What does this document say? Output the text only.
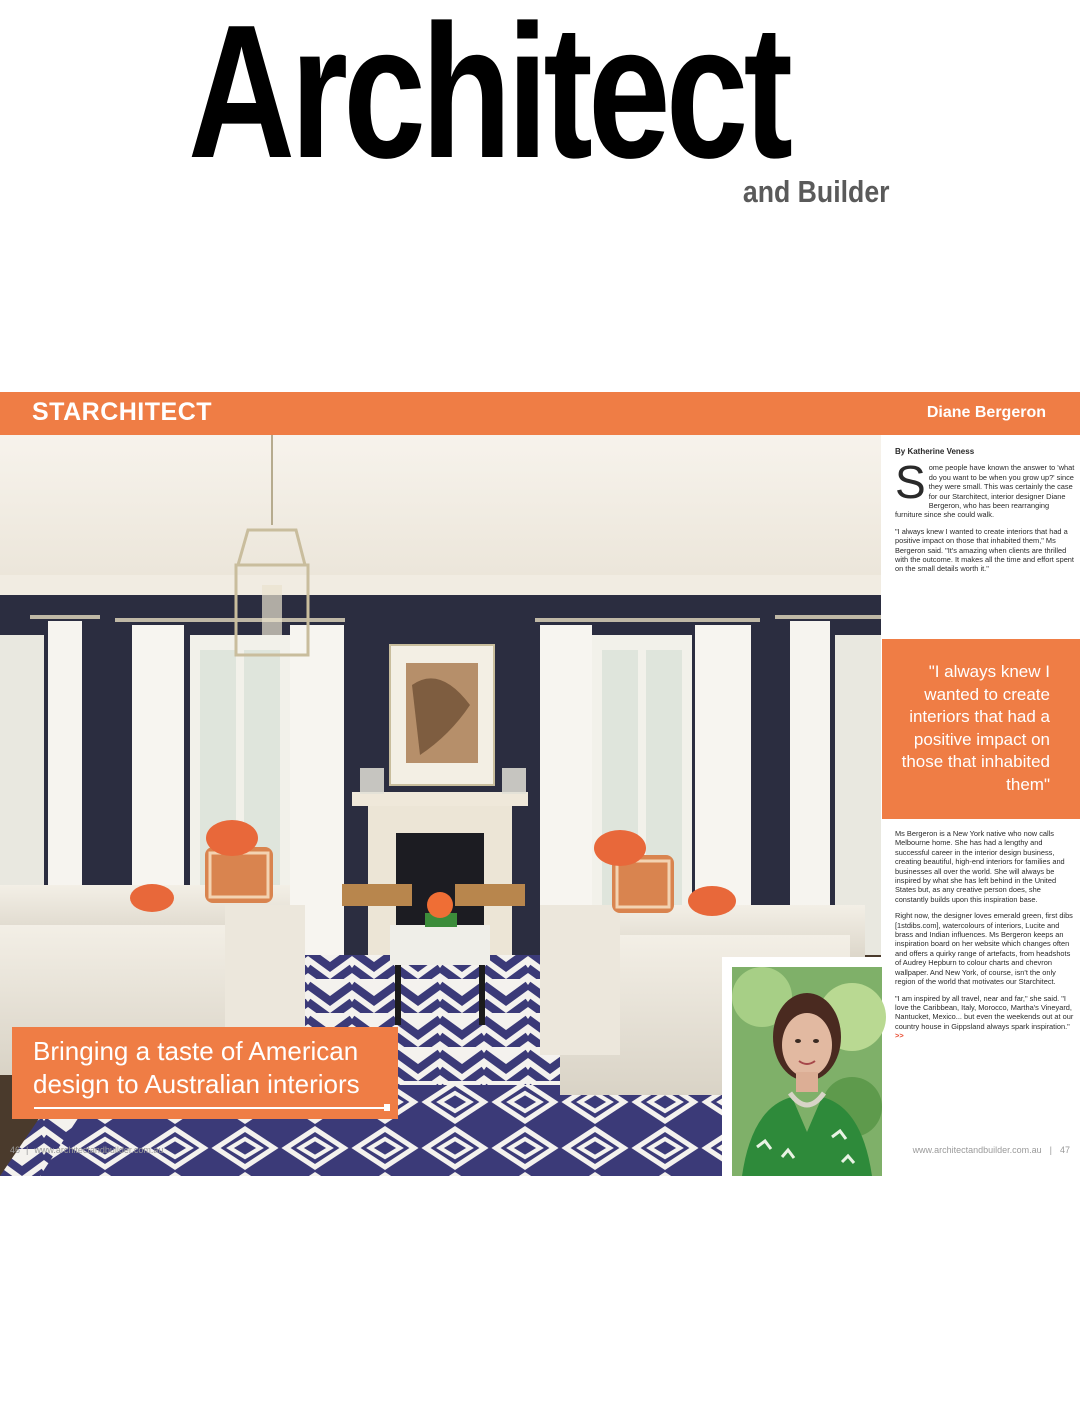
Architect
and Builder
STARCHITECT	Diane Bergeron
Bringing a taste of American design to Australian interiors
46 | www.architectandbuilder.com.au
By Katherine Veness

Some people have known the answer to 'what do you want to be when you grow up?' since they were small. This was certainly the case for our Starchitect, interior designer Diane Bergeron, who has been rearranging furniture since she could walk.

"I always knew I wanted to create interiors that had a positive impact on those that inhabited them," Ms Bergeron said. "It's amazing when clients are thrilled with the outcome. It makes all the time and effort spent on the small details worth it."

"I always knew I wanted to create interiors that had a positive impact on those that inhabited them"

Ms Bergeron is a New York native who now calls Melbourne home. She has had a lengthy and successful career in the interior design business, creating beautiful, high-end interiors for families and businesses all over the world. She will always be inspired by what she has left behind in the United States but, as any creative person does, she constantly builds upon this inspiration base.

Right now, the designer loves emerald green, first dibs [1stdibs.com], watercolours of interiors, Lucite and brass and Indian influences. Ms Bergeron keeps an inspiration board on her website which changes often and offers a quirky range of artefacts, from headshots of Audrey Hepburn to colour charts and chevron wallpaper. And New York, of course, isn't the only region of the world that motivates our Starchitect.

"I am inspired by all travel, near and far," she said. "I love the Caribbean, Italy, Morocco, Martha's Vineyard, Nantucket, Mexico... but even the weekends out at our country house in Gippsland always spark inspiration." >>

www.architectandbuilder.com.au | 47
